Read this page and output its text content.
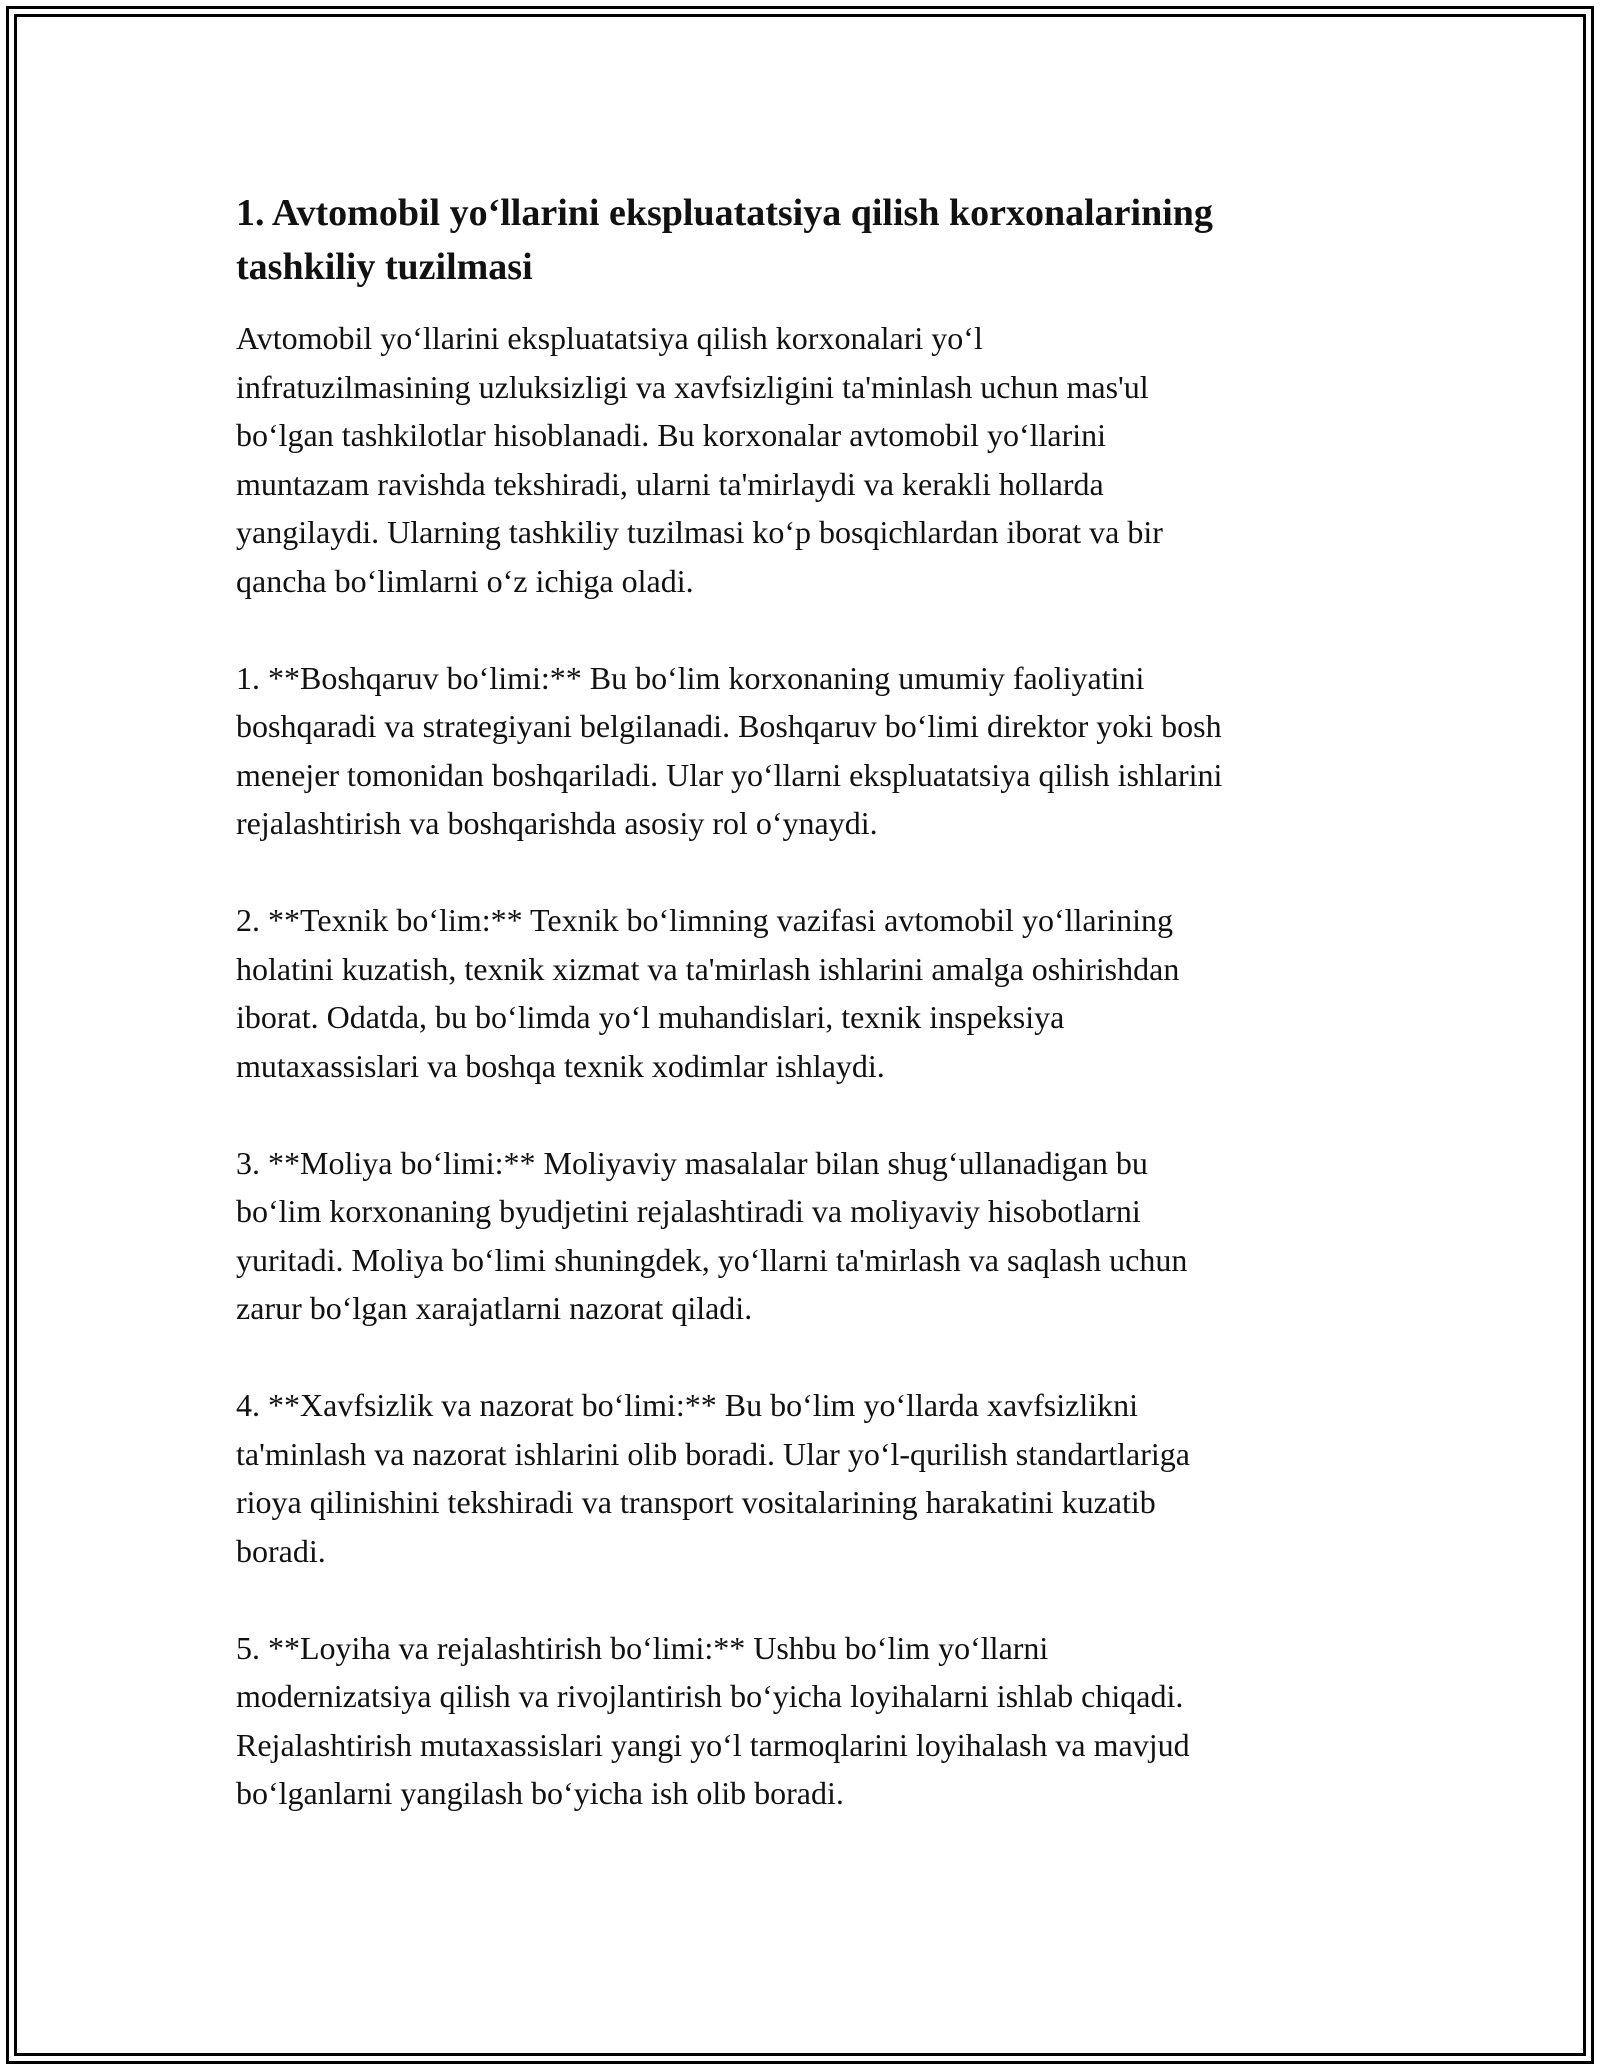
1. Avtomobil yo‘llarini ekspluatatsiya qilish korxonalarining
tashkiliy tuzilmasi

Avtomobil yo‘llarini ekspluatatsiya qilish korxonalari yo‘l
infratuzilmasining uzluksizligi va xavfsizligini ta'minlash uchun mas'ul
bo‘lgan tashkilotlar hisoblanadi. Bu korxonalar avtomobil yo‘llarini
muntazam ravishda tekshiradi, ularni ta'mirlaydi va kerakli hollarda
yangilaydi. Ularning tashkiliy tuzilmasi ko‘p bosqichlardan iborat va bir
qancha bo‘limlarni o‘z ichiga oladi.

1. **Boshqaruv bo‘limi:** Bu bo‘lim korxonaning umumiy faoliyatini
boshqaradi va strategiyani belgilanadi. Boshqaruv bo‘limi direktor yoki bosh
menejer tomonidan boshqariladi. Ular yo‘llarni ekspluatatsiya qilish ishlarini
rejalashtirish va boshqarishda asosiy rol o‘ynaydi.

2. **Texnik bo‘lim:** Texnik bo‘limning vazifasi avtomobil yo‘llarining
holatini kuzatish, texnik xizmat va ta'mirlash ishlarini amalga oshirishdan
iborat. Odatda, bu bo‘limda yo‘l muhandislari, texnik inspeksiya
mutaxassislari va boshqa texnik xodimlar ishlaydi.

3. **Moliya bo‘limi:** Moliyaviy masalalar bilan shug‘ullanadigan bu
bo‘lim korxonaning byudjetini rejalashtiradi va moliyaviy hisobotlarni
yuritadi. Moliya bo‘limi shuningdek, yo‘llarni ta'mirlash va saqlash uchun
zarur bo‘lgan xarajatlarni nazorat qiladi.

4. **Xavfsizlik va nazorat bo‘limi:** Bu bo‘lim yo‘llarda xavfsizlikni
ta'minlash va nazorat ishlarini olib boradi. Ular yo‘l-qurilish standartlariga
rioya qilinishini tekshiradi va transport vositalarining harakatini kuzatib
boradi.

5. **Loyiha va rejalashtirish bo‘limi:** Ushbu bo‘lim yo‘llarni
modernizatsiya qilish va rivojlantirish bo‘yicha loyihalarni ishlab chiqadi.
Rejalashtirish mutaxassislari yangi yo‘l tarmoqlarini loyihalash va mavjud
bo‘lganlarni yangilash bo‘yicha ish olib boradi.
